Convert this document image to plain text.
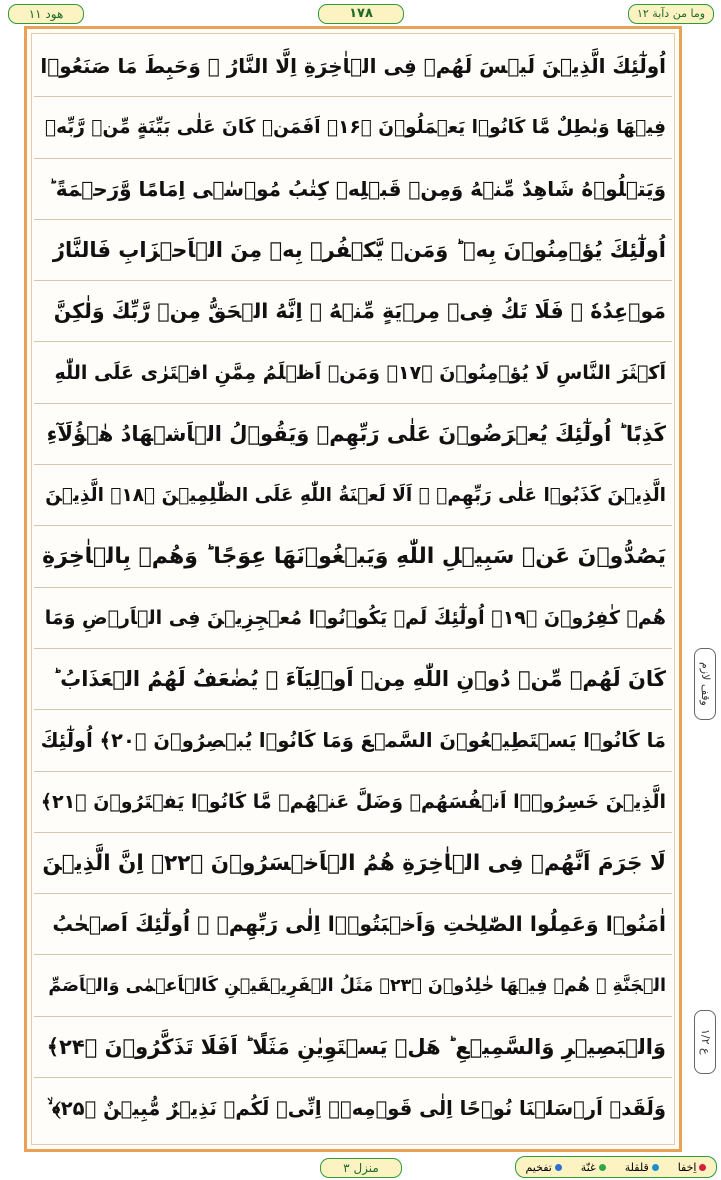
ھود ۱۱	۱۷۸	وما من دآبة ۱۲
اُولٰٓئِكَ الَّذِیۡنَ لَیۡسَ لَهُمۡ فِی الۡاٰخِرَةِ اِلَّا النَّارُ ۖ وَحَبِطَ مَا صَنَعُوۡا
فِیۡهَا وَبٰطِلٌ مَّا كَانُوۡا یَعۡمَلُوۡنَ ﴿۱۶﴾ اَفَمَنۡ كَانَ عَلٰی بَیِّنَةٍ مِّنۡ رَّبِّهٖ
وَیَتۡلُوۡهُ شَاهِدٌ مِّنۡهُ وَمِنۡ قَبۡلِهٖ كِتٰبُ مُوۡسٰۤی اِمَامًا وَّرَحۡمَةً ؕ
اُولٰٓئِكَ یُؤۡمِنُوۡنَ بِهٖ ؕ وَمَنۡ یَّكۡفُرۡ بِهٖ مِنَ الۡاَحۡزَابِ فَالنَّارُ
مَوۡعِدُهٗ ۚ فَلَا تَكُ فِیۡ مِرۡیَةٍ مِّنۡهُ ۚ اِنَّهُ الۡحَقُّ مِنۡ رَّبِّكَ وَلٰكِنَّ
اَكۡثَرَ النَّاسِ لَا یُؤۡمِنُوۡنَ ﴿۱۷﴾ وَمَنۡ اَظۡلَمُ مِمَّنِ افۡتَرٰی عَلَی اللّٰهِ
كَذِبًا ؕ اُولٰٓئِكَ یُعۡرَضُوۡنَ عَلٰی رَبِّهِمۡ وَیَقُوۡلُ الۡاَشۡهَادُ هٰۤؤُلَآءِ
الَّذِیۡنَ كَذَبُوۡا عَلٰی رَبِّهِمۡ ۚ اَلَا لَعۡنَةُ اللّٰهِ عَلَی الظّٰلِمِیۡنَ ﴿۱۸﴾ الَّذِیۡنَ
یَصُدُّوۡنَ عَنۡ سَبِیۡلِ اللّٰهِ وَیَبۡغُوۡنَهَا عِوَجًا ؕ وَهُمۡ بِالۡاٰخِرَةِ
هُمۡ كٰفِرُوۡنَ ﴿۱۹﴾ اُولٰٓئِكَ لَمۡ یَكُوۡنُوۡا مُعۡجِزِیۡنَ فِی الۡاَرۡضِ وَمَا
كَانَ لَهُمۡ مِّنۡ دُوۡنِ اللّٰهِ مِنۡ اَوۡلِیَآءَ ۘ یُضٰعَفُ لَهُمُ الۡعَذَابُ ؕ
مَا كَانُوۡا یَسۡتَطِیۡعُوۡنَ السَّمۡعَ وَمَا كَانُوۡا یُبۡصِرُوۡنَ ﴿۲۰﴾ اُولٰٓئِكَ
الَّذِیۡنَ خَسِرُوۡۤا اَنۡفُسَهُمۡ وَضَلَّ عَنۡهُمۡ مَّا كَانُوۡا یَفۡتَرُوۡنَ ﴿۲۱﴾
لَا جَرَمَ اَنَّهُمۡ فِی الۡاٰخِرَةِ هُمُ الۡاَخۡسَرُوۡنَ ﴿۲۲﴾ اِنَّ الَّذِیۡنَ
اٰمَنُوۡا وَعَمِلُوا الصّٰلِحٰتِ وَاَخۡبَتُوۡۤا اِلٰی رَبِّهِمۡ ۙ اُولٰٓئِكَ اَصۡحٰبُ
الۡجَنَّةِ ۚ هُمۡ فِیۡهَا خٰلِدُوۡنَ ﴿۲۳﴾ مَثَلُ الۡفَرِیۡقَیۡنِ كَالۡاَعۡمٰی وَالۡاَصَمِّ
وَالۡبَصِیۡرِ وَالسَّمِیۡعِ ؕ هَلۡ یَسۡتَوِیٰنِ مَثَلًا ؕ اَفَلَا تَذَكَّرُوۡنَ ﴿۲۴﴾
وَلَقَدۡ اَرۡسَلۡنَا نُوۡحًا اِلٰی قَوۡمِهٖۤ اِنِّیۡ لَكُمۡ نَذِیۡرٌ مُّبِیۡنٌ ﴿۲۵﴾ ۙ
وقف لازم
ع ۱/۲
منزل ۳	اِخفا
قلقلة
غنّة
تفخیم
